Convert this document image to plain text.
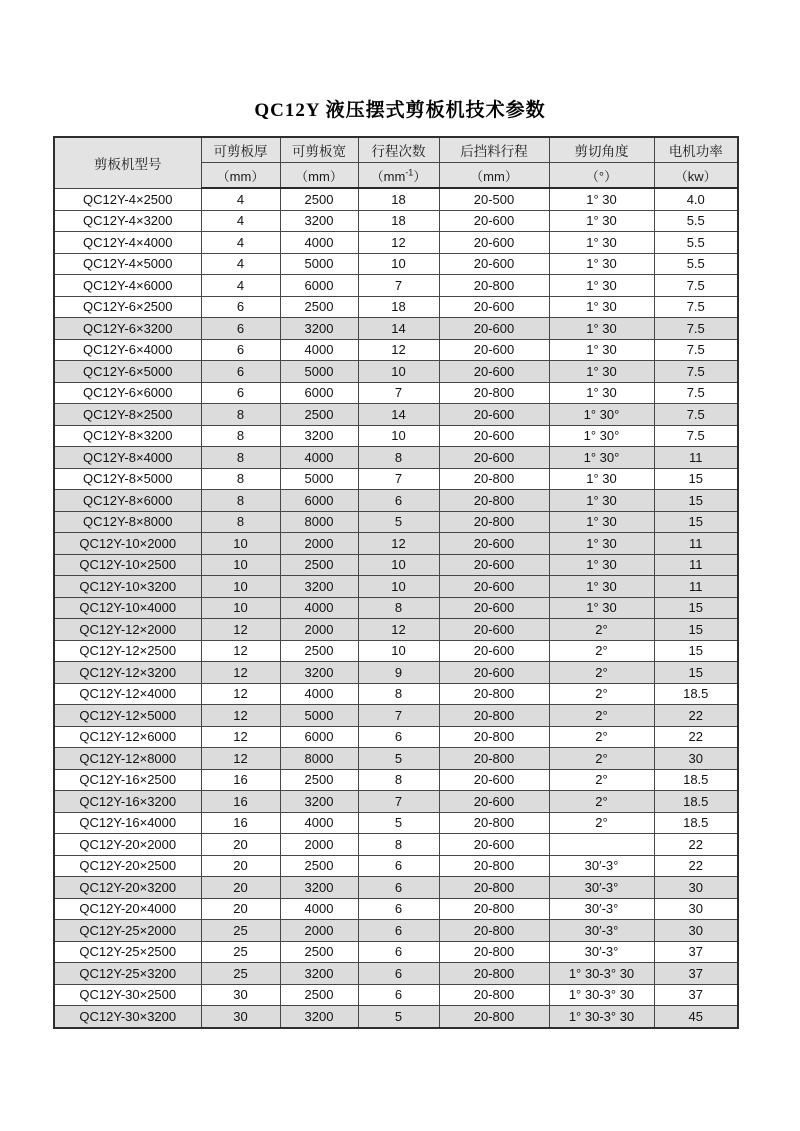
QC12Y 液压摆式剪板机技术参数
剪板机型号	可剪板厚	可剪板宽	行程次数	后挡料行程	剪切角度	电机功率
	（mm）	（mm）	$(mm^{-1})$	（mm）	（°）	（kw）
QC12Y-4×2500	4	2500	18	20-500	1° 30	4.0
QC12Y-4×3200	4	3200	18	20-600	1° 30	5.5
QC12Y-4×4000	4	4000	12	20-600	1° 30	5.5
QC12Y-4×5000	4	5000	10	20-600	1° 30	5.5
QC12Y-4×6000	4	6000	7	20-800	1° 30	7.5
QC12Y-6×2500	6	2500	18	20-600	1° 30	7.5
QC12Y-6×3200	6	3200	14	20-600	1° 30	7.5
QC12Y-6×4000	6	4000	12	20-600	1° 30	7.5
QC12Y-6×5000	6	5000	10	20-600	1° 30	7.5
QC12Y-6×6000	6	6000	7	20-800	1° 30	7.5
QC12Y-8×2500	8	2500	14	20-600	1° 30°	7.5
QC12Y-8×3200	8	3200	10	20-600	1° 30°	7.5
QC12Y-8×4000	8	4000	8	20-600	1° 30°	11
QC12Y-8×5000	8	5000	7	20-800	1° 30	15
QC12Y-8×6000	8	6000	6	20-800	1° 30	15
QC12Y-8×8000	8	8000	5	20-800	1° 30	15
QC12Y-10×2000	10	2000	12	20-600	1° 30	11
QC12Y-10×2500	10	2500	10	20-600	1° 30	11
QC12Y-10×3200	10	3200	10	20-600	1° 30	11
QC12Y-10×4000	10	4000	8	20-600	1° 30	15
QC12Y-12×2000	12	2000	12	20-600	2°	15
QC12Y-12×2500	12	2500	10	20-600	2°	15
QC12Y-12×3200	12	3200	9	20-600	2°	15
QC12Y-12×4000	12	4000	8	20-800	2°	18.5
QC12Y-12×5000	12	5000	7	20-800	2°	22
QC12Y-12×6000	12	6000	6	20-800	2°	22
QC12Y-12×8000	12	8000	5	20-800	2°	30
QC12Y-16×2500	16	2500	8	20-600	2°	18.5
QC12Y-16×3200	16	3200	7	20-600	2°	18.5
QC12Y-16×4000	16	4000	5	20-800	2°	18.5
QC12Y-20×2000	20	2000	8	20-600		22
QC12Y-20×2500	20	2500	6	20-800	30′-3°	22
QC12Y-20×3200	20	3200	6	20-800	30′-3°	30
QC12Y-20×4000	20	4000	6	20-800	30′-3°	30
QC12Y-25×2000	25	2000	6	20-800	30′-3°	30
QC12Y-25×2500	25	2500	6	20-800	30′-3°	37
QC12Y-25×3200	25	3200	6	20-800	1° 30-3° 30	37
QC12Y-30×2500	30	2500	6	20-800	1° 30-3° 30	37
QC12Y-30×3200	30	3200	5	20-800	1° 30-3° 30	45
